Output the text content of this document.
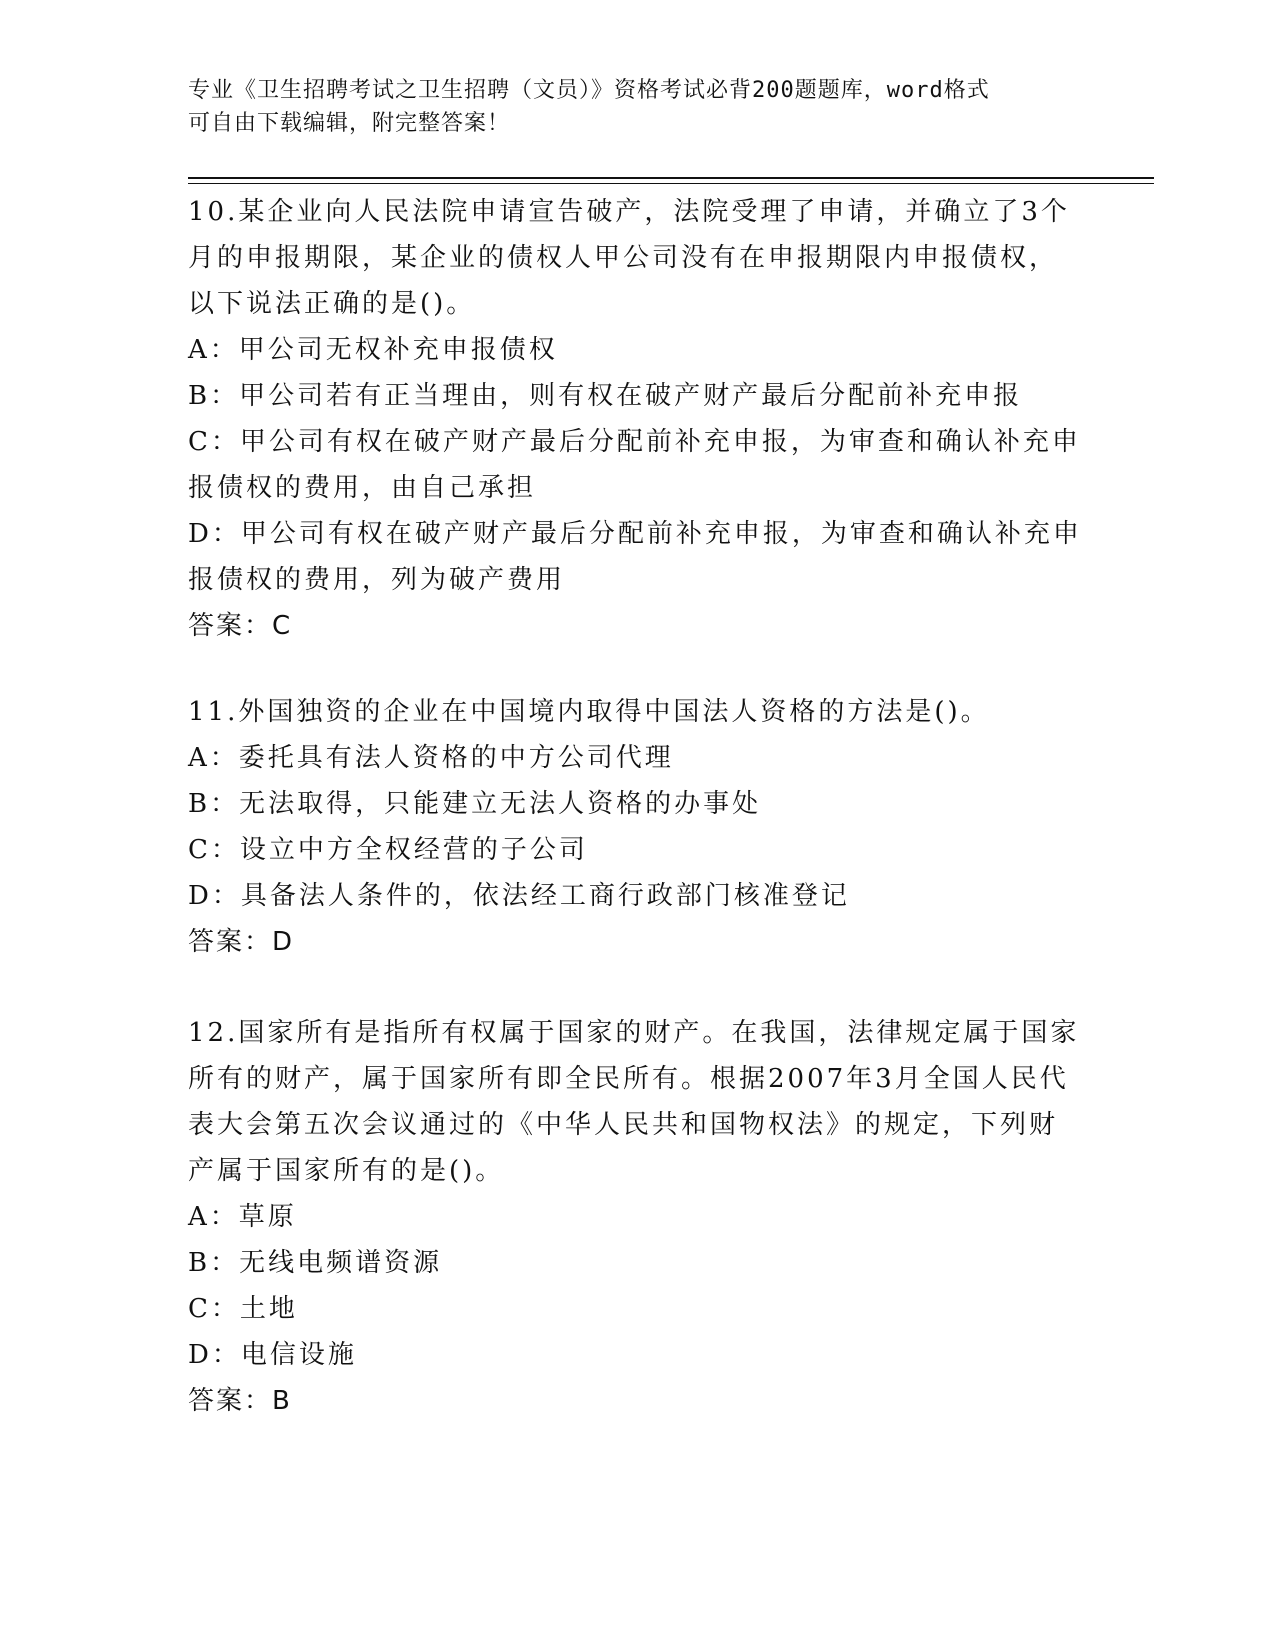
专业《卫生招聘考试之卫生招聘（文员）》资格考试必背200题题库，word格式
可自由下载编辑，附完整答案！
10.某企业向人民法院申请宣告破产，法院受理了申请，并确立了3个
月的申报期限，某企业的债权人甲公司没有在申报期限内申报债权，
以下说法正确的是()。
A：甲公司无权补充申报债权
B：甲公司若有正当理由，则有权在破产财产最后分配前补充申报
C：甲公司有权在破产财产最后分配前补充申报，为审查和确认补充申
报债权的费用，由自己承担
D：甲公司有权在破产财产最后分配前补充申报，为审查和确认补充申
报债权的费用，列为破产费用
答案：C
11.外国独资的企业在中国境内取得中国法人资格的方法是()。
A：委托具有法人资格的中方公司代理
B：无法取得，只能建立无法人资格的办事处
C：设立中方全权经营的子公司
D：具备法人条件的，依法经工商行政部门核准登记
答案：D
12.国家所有是指所有权属于国家的财产。在我国，法律规定属于国家
所有的财产，属于国家所有即全民所有。根据2007年3月全国人民代
表大会第五次会议通过的《中华人民共和国物权法》的规定，下列财
产属于国家所有的是()。
A：草原
B：无线电频谱资源
C：土地
D：电信设施
答案：B
